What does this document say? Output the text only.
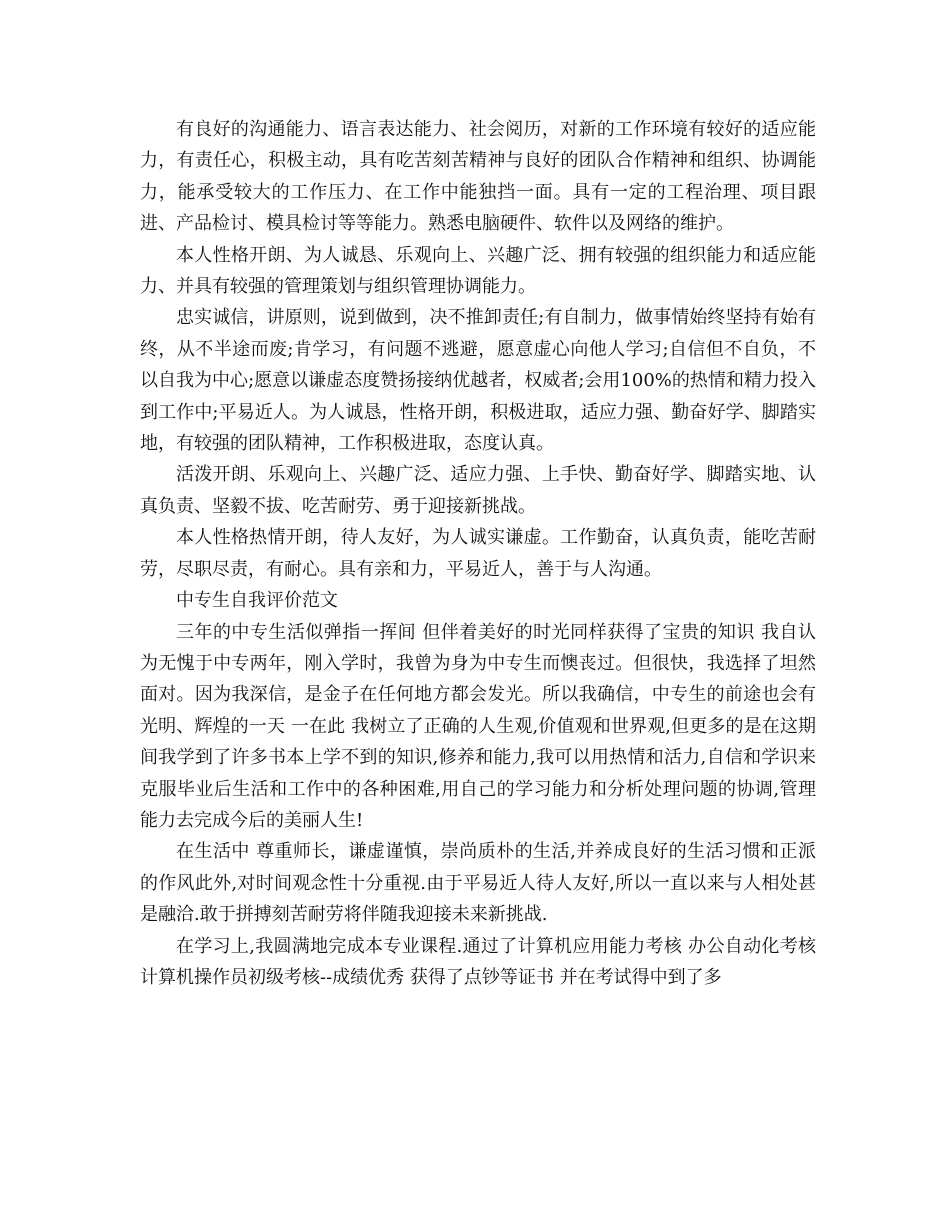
有良好的沟通能力、语言表达能力、社会阅历，对新的工作环境有较好的适应能力，有责任心，积极主动，具有吃苦刻苦精神与良好的团队合作精神和组织、协调能力，能承受较大的工作压力、在工作中能独挡一面。具有一定的工程治理、项目跟进、产品检讨、模具检讨等等能力。熟悉电脑硬件、软件以及网络的维护。

本人性格开朗、为人诚恳、乐观向上、兴趣广泛、拥有较强的组织能力和适应能力、并具有较强的管理策划与组织管理协调能力。

忠实诚信，讲原则，说到做到，决不推卸责任;有自制力，做事情始终坚持有始有终，从不半途而废;肯学习，有问题不逃避，愿意虚心向他人学习;自信但不自负，不以自我为中心;愿意以谦虚态度赞扬接纳优越者，权威者;会用100%的热情和精力投入到工作中;平易近人。为人诚恳，性格开朗，积极进取，适应力强、勤奋好学、脚踏实地，有较强的团队精神，工作积极进取，态度认真。

活泼开朗、乐观向上、兴趣广泛、适应力强、上手快、勤奋好学、脚踏实地、认真负责、坚毅不拔、吃苦耐劳、勇于迎接新挑战。

本人性格热情开朗，待人友好，为人诚实谦虚。工作勤奋，认真负责，能吃苦耐劳，尽职尽责，有耐心。具有亲和力，平易近人，善于与人沟通。

中专生自我评价范文

三年的中专生活似弹指一挥间 但伴着美好的时光同样获得了宝贵的知识 我自认为无愧于中专两年，刚入学时，我曾为身为中专生而懊丧过。但很快，我选择了坦然面对。因为我深信，是金子在任何地方都会发光。所以我确信，中专生的前途也会有光明、辉煌的一天 一在此 我树立了正确的人生观,价值观和世界观,但更多的是在这期间我学到了许多书本上学不到的知识,修养和能力,我可以用热情和活力,自信和学识来克服毕业后生活和工作中的各种困难,用自己的学习能力和分析处理问题的协调,管理能力去完成今后的美丽人生!

在生活中 尊重师长，谦虚谨慎，崇尚质朴的生活,并养成良好的生活习惯和正派的作风此外,对时间观念性十分重视.由于平易近人待人友好,所以一直以来与人相处甚是融洽.敢于拼搏刻苦耐劳将伴随我迎接未来新挑战.

在学习上,我圆满地完成本专业课程.通过了计算机应用能力考核 办公自动化考核 计算机操作员初级考核--成绩优秀 获得了点钞等证书 并在考试得中到了多
